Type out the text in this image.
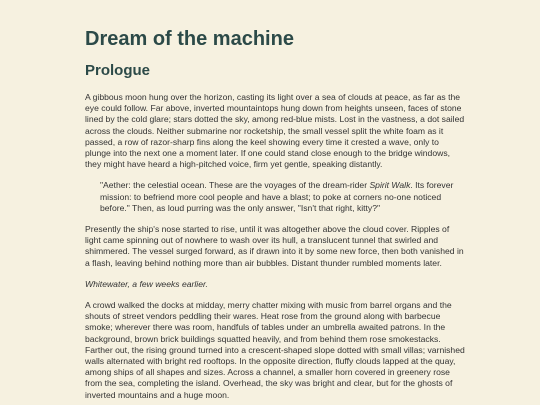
Dream of the machine
Prologue

A gibbous moon hung over the horizon, casting its light over a sea of clouds at peace, as far as the eye could follow. Far above, inverted mountaintops hung down from heights unseen, faces of stone lined by the cold glare; stars dotted the sky, among red-blue mists. Lost in the vastness, a dot sailed across the clouds. Neither submarine nor rocketship, the small vessel split the white foam as it passed, a row of razor-sharp fins along the keel showing every time it crested a wave, only to plunge into the next one a moment later. If one could stand close enough to the bridge windows, they might have heard a high-pitched voice, firm yet gentle, speaking distantly.

"Aether: the celestial ocean. These are the voyages of the dream-rider Spirit Walk. Its forever mission: to befriend more cool people and have a blast; to poke at corners no-one noticed before." Then, as loud purring was the only answer, "Isn't that right, kitty?"

Presently the ship's nose started to rise, until it was altogether above the cloud cover. Ripples of light came spinning out of nowhere to wash over its hull, a translucent tunnel that swirled and shimmered. The vessel surged forward, as if drawn into it by some new force, then both vanished in a flash, leaving behind nothing more than air bubbles. Distant thunder rumbled moments later.

Whitewater, a few weeks earlier.

A crowd walked the docks at midday, merry chatter mixing with music from barrel organs and the shouts of street vendors peddling their wares. Heat rose from the ground along with barbecue smoke; wherever there was room, handfuls of tables under an umbrella awaited patrons. In the background, brown brick buildings squatted heavily, and from behind them rose smokestacks. Farther out, the rising ground turned into a crescent-shaped slope dotted with small villas; varnished walls alternated with bright red rooftops. In the opposite direction, fluffy clouds lapped at the quay, among ships of all shapes and sizes. Across a channel, a smaller horn covered in greenery rose from the sea, completing the island. Overhead, the sky was bright and clear, but for the ghosts of inverted mountains and a huge moon.
